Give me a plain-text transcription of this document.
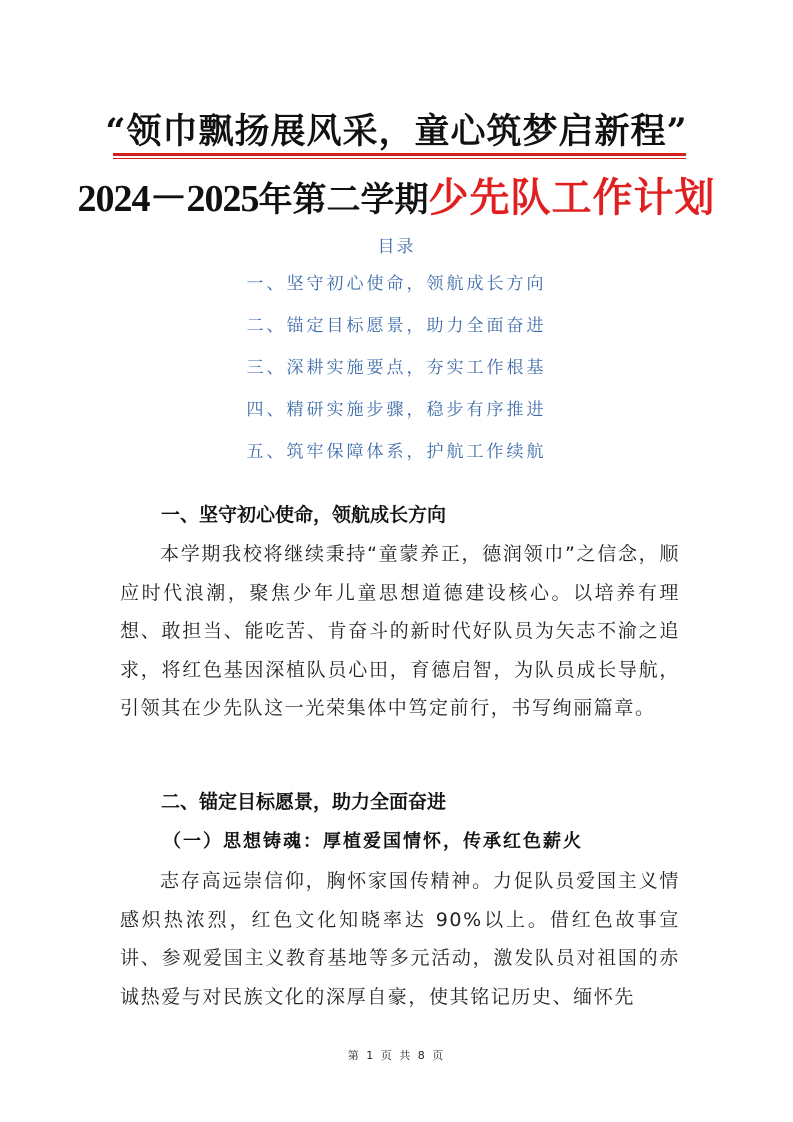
“领巾飘扬展风采，童心筑梦启新程”
2024－2025年第二学期少先队工作计划
目录
一、坚守初心使命，领航成长方向
二、锚定目标愿景，助力全面奋进
三、深耕实施要点，夯实工作根基
四、精研实施步骤，稳步有序推进
五、筑牢保障体系，护航工作续航
一、坚守初心使命，领航成长方向

本学期我校将继续秉持“童蒙养正，德润领巾”之信念，顺应时代浪潮，聚焦少年儿童思想道德建设核心。以培养有理想、敢担当、能吃苦、肯奋斗的新时代好队员为矢志不渝之追求，将红色基因深植队员心田，育德启智，为队员成长导航，引领其在少先队这一光荣集体中笃定前行，书写绚丽篇章。

二、锚定目标愿景，助力全面奋进
（一）思想铸魂：厚植爱国情怀，传承红色薪火

志存高远崇信仰，胸怀家国传精神。力促队员爱国主义情感炽热浓烈，红色文化知晓率达 90%以上。借红色故事宣讲、参观爱国主义教育基地等多元活动，激发队员对祖国的赤诚热爱与对民族文化的深厚自豪，使其铭记历史、缅怀先

第 1 页 共 8 页
